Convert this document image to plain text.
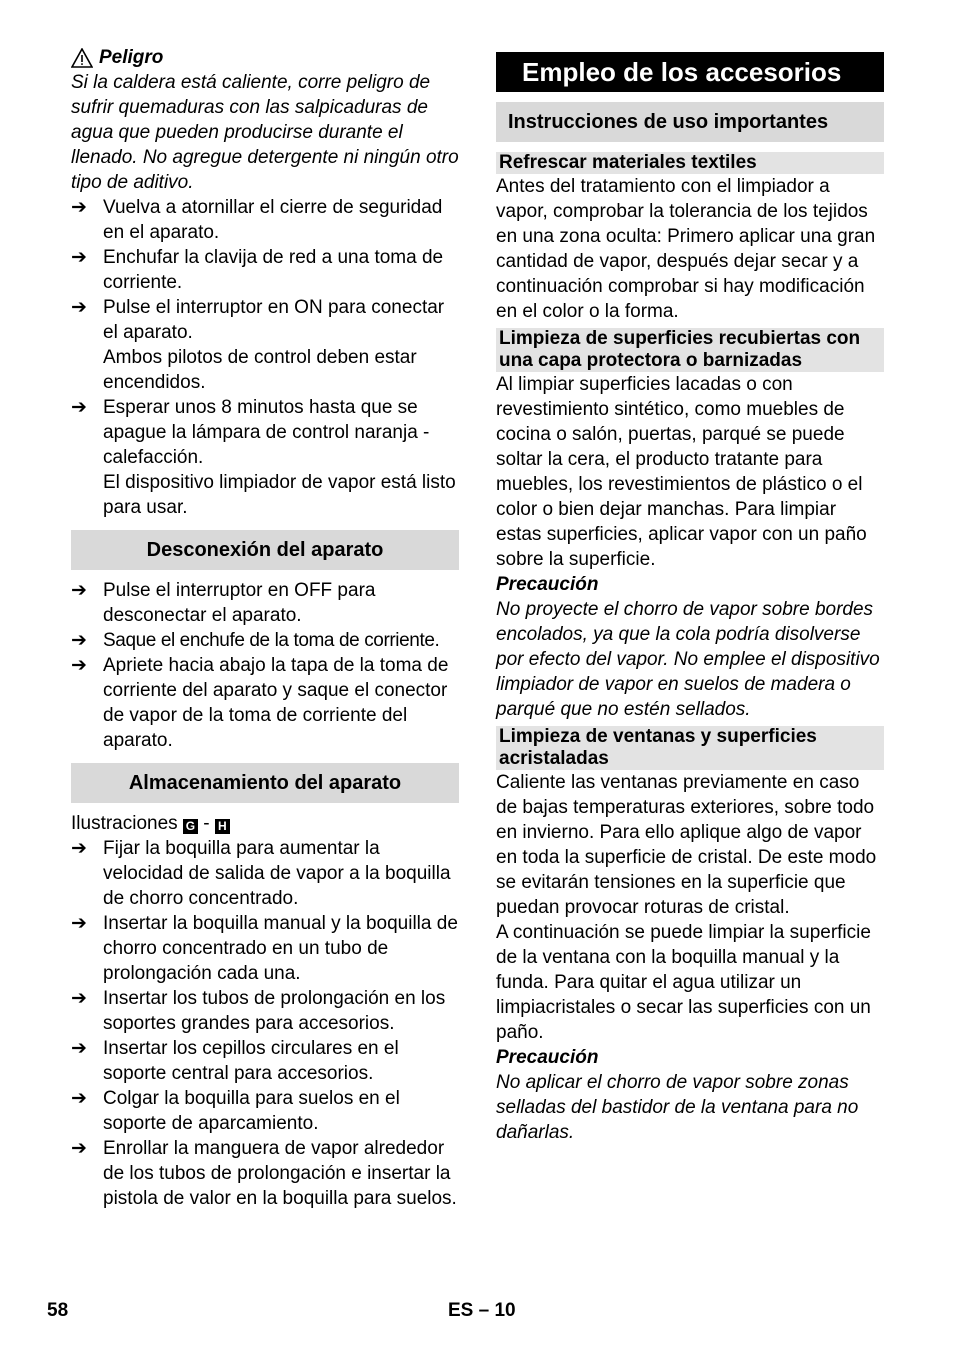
Peligro

Si la caldera está caliente, corre peligro de sufrir quemaduras con las salpicaduras de agua que pueden producirse durante el llenado. No agregue detergente ni ningún otro tipo de aditivo.

➔ Vuelva a atornillar el cierre de seguridad en el aparato.
➔ Enchufar la clavija de red a una toma de corriente.
➔ Pulse el interruptor en ON para conectar el aparato.

Ambos pilotos de control deben estar encendidos.

➔ Esperar unos 8 minutos hasta que se apague la lámpara de control naranja - calefacción.

El dispositivo limpiador de vapor está listo para usar.

Desconexión del aparato
➔ Pulse el interruptor en OFF para desconectar el aparato.
➔ Saque el enchufe de la toma de corriente.
➔ Apriete hacia abajo la tapa de la toma de corriente del aparato y saque el conector de vapor de la toma de corriente del aparato.
Almacenamiento del aparato

Ilustraciones G - H

➔ Fijar la boquilla para aumentar la velocidad de salida de vapor a la boquilla de chorro concentrado.
➔ Insertar la boquilla manual y la boquilla de chorro concentrado en un tubo de prolongación cada una.
➔ Insertar los tubos de prolongación en los soportes grandes para accesorios.
➔ Insertar los cepillos circulares en el soporte central para accesorios.
➔ Colgar la boquilla para suelos en el soporte de aparcamiento.
➔ Enrollar la manguera de vapor alrededor de los tubos de prolongación e insertar la pistola de valor en la boquilla para suelos.
Empleo de los accesorios
Instrucciones de uso importantes
Refrescar materiales textiles

Antes del tratamiento con el limpiador a vapor, comprobar la tolerancia de los tejidos en una zona oculta: Primero aplicar una gran cantidad de vapor, después dejar secar y a continuación comprobar si hay modificación en el color o la forma.

Limpieza de superficies recubiertas con una capa protectora o barnizadas

Al limpiar superficies lacadas o con revestimiento sintético, como muebles de cocina o salón, puertas, parqué se puede soltar la cera, el producto tratante para muebles, los revestimientos de plástico o el color o bien dejar manchas. Para limpiar estas superficies, aplicar vapor con un paño sobre la superficie.

Precaución

No proyecte el chorro de vapor sobre bordes encolados, ya que la cola podría disolverse por efecto del vapor. No emplee el dispositivo limpiador de vapor en suelos de madera o parqué que no estén sellados.

Limpieza de ventanas y superficies acristaladas

Caliente las ventanas previamente en caso de bajas temperaturas exteriores, sobre todo en invierno. Para ello aplique algo de vapor en toda la superficie de cristal. De este modo se evitarán tensiones en la superficie que puedan provocar roturas de cristal.

A continuación se puede limpiar la superficie de la ventana con la boquilla manual y la funda. Para quitar el agua utilizar un limpiacristales o secar las superficies con un paño.

Precaución

No aplicar el chorro de vapor sobre zonas selladas del bastidor de la ventana para no dañarlas.

58	ES – 10
